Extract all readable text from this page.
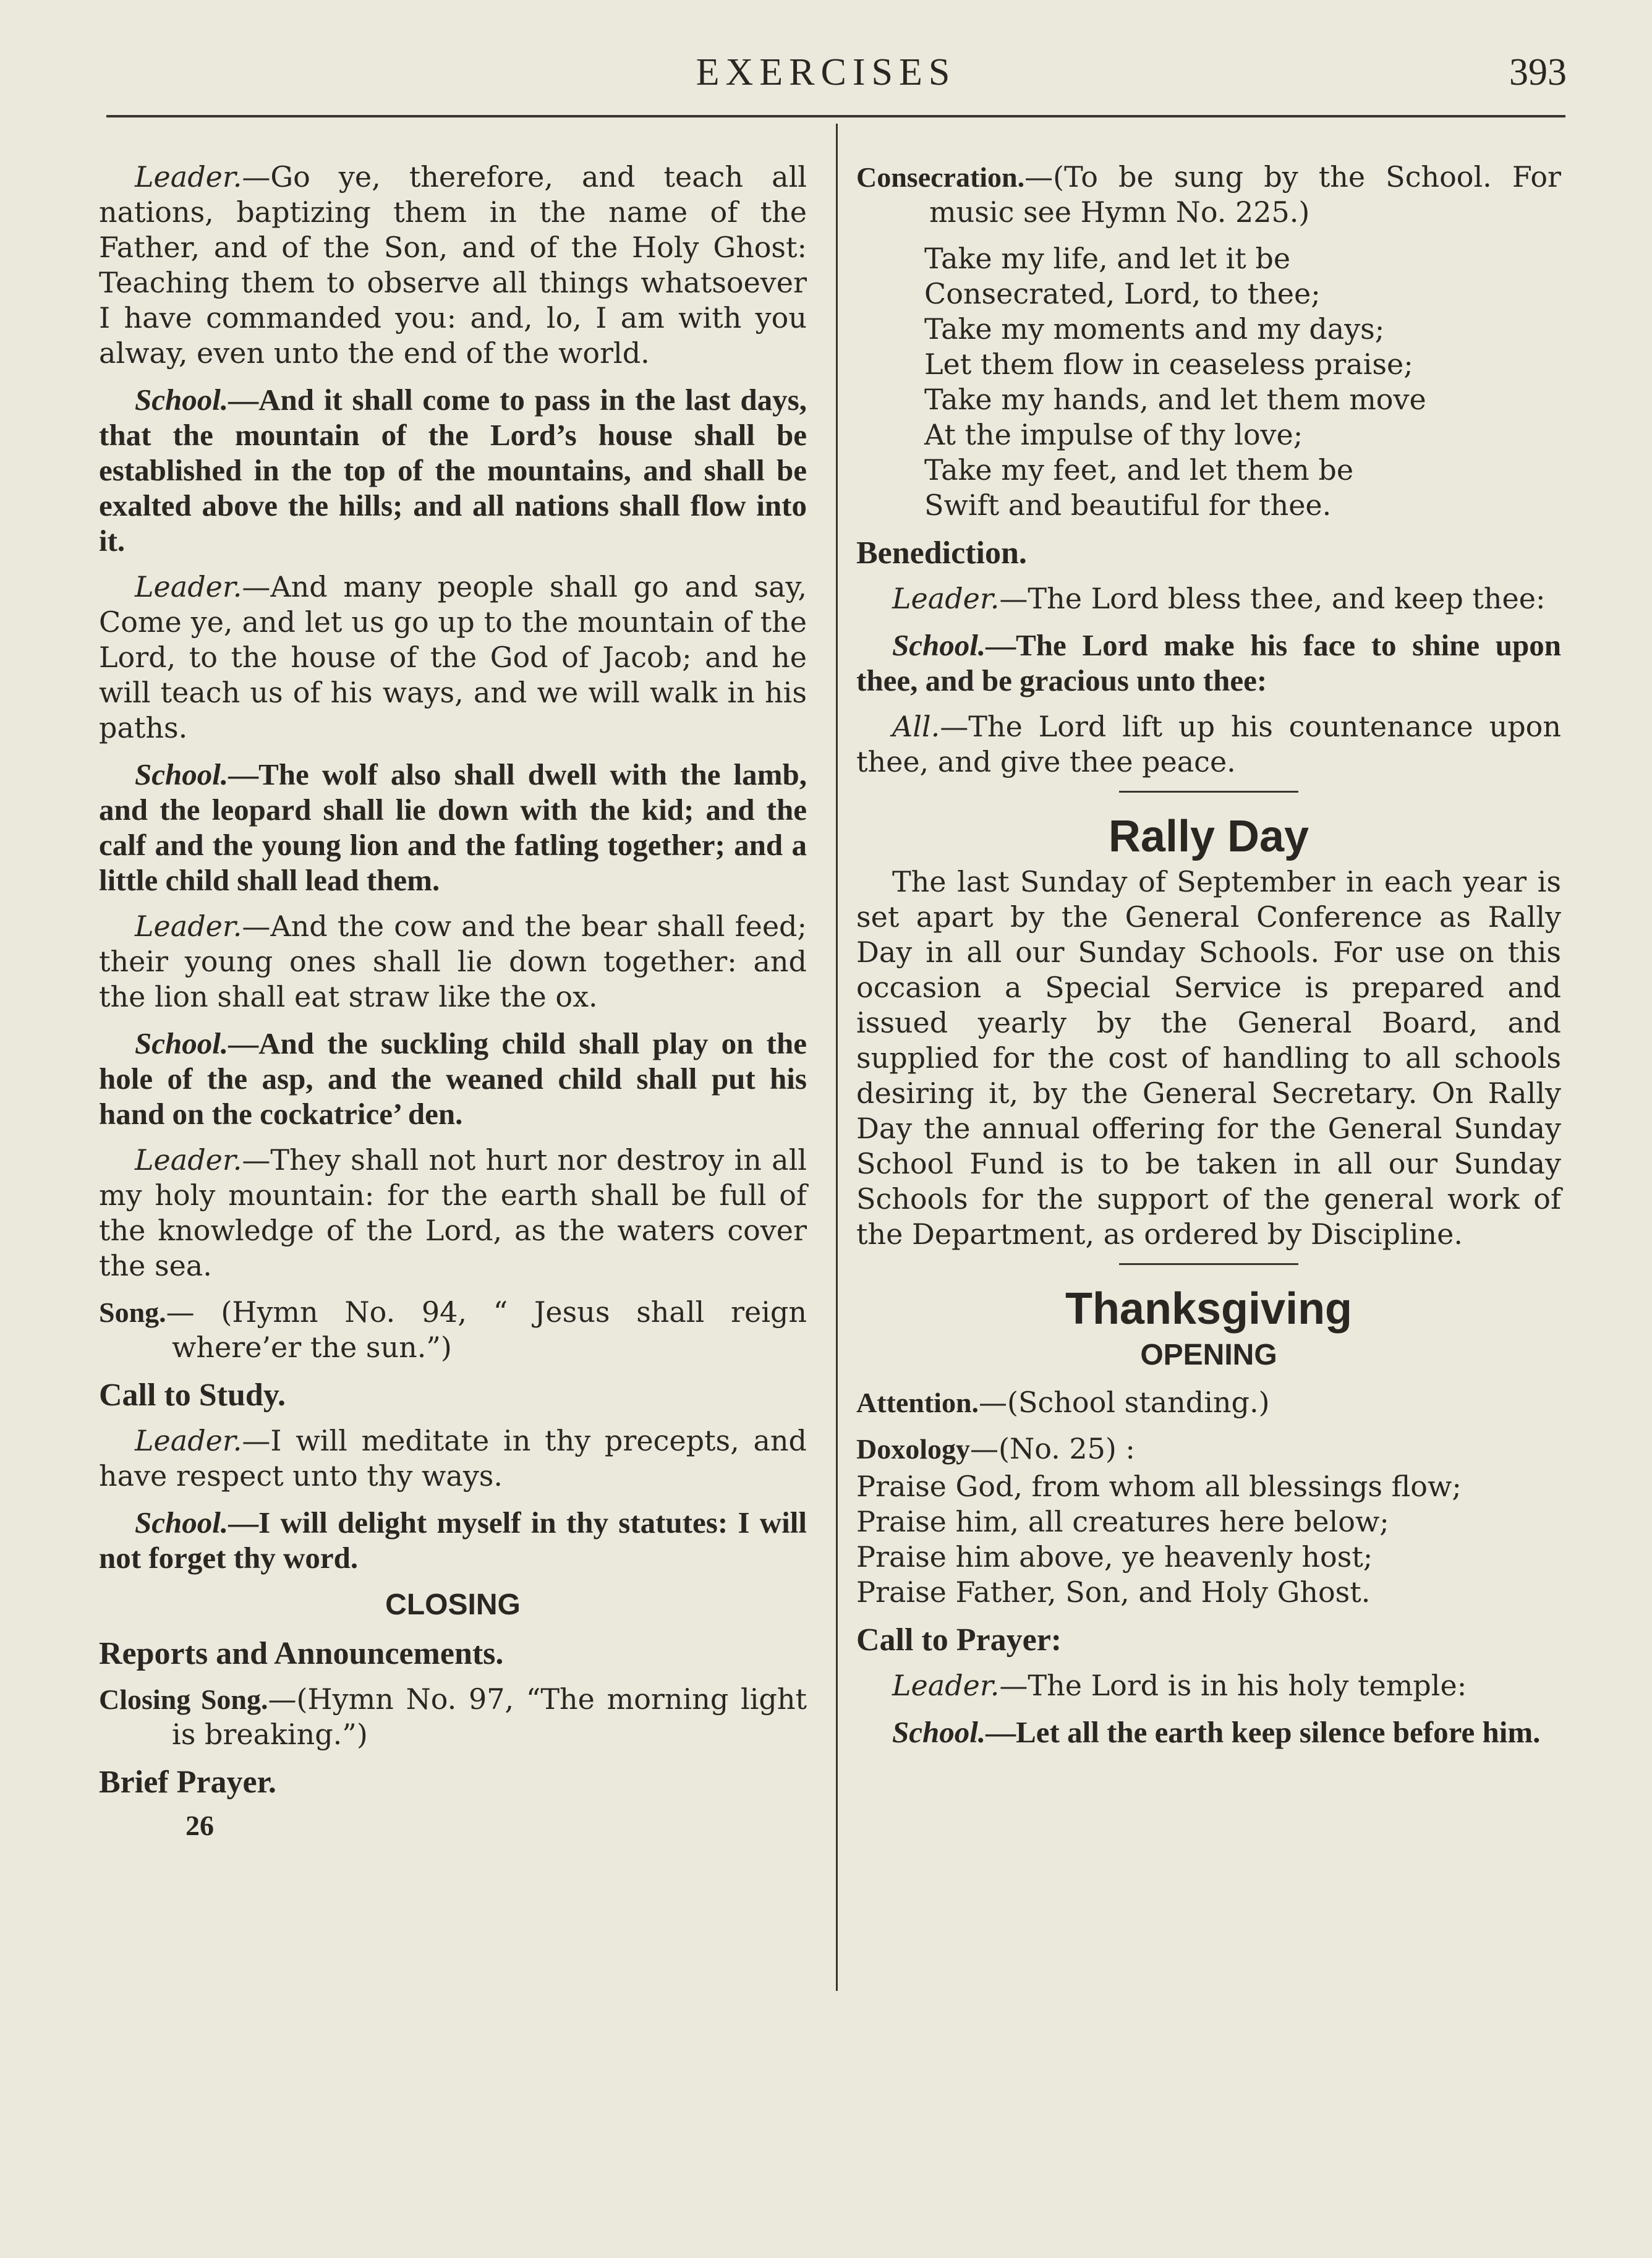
EXERCISES	393

Leader.—Go ye, therefore, and teach all nations, baptizing them in the name of the Father, and of the Son, and of the Holy Ghost: Teaching them to observe all things whatsoever I have commanded you: and, lo, I am with you alway, even unto the end of the world.

School.—And it shall come to pass in the last days, that the mountain of the Lord’s house shall be established in the top of the mountains, and shall be exalted above the hills; and all nations shall flow into it.

Leader.—And many people shall go and say, Come ye, and let us go up to the mountain of the Lord, to the house of the God of Jacob; and he will teach us of his ways, and we will walk in his paths.

School.—The wolf also shall dwell with the lamb, and the leopard shall lie down with the kid; and the calf and the young lion and the fatling together; and a little child shall lead them.

Leader.—And the cow and the bear shall feed; their young ones shall lie down together: and the lion shall eat straw like the ox.

School.—And the suckling child shall play on the hole of the asp, and the weaned child shall put his hand on the cockatrice’ den.

Leader.—They shall not hurt nor destroy in all my holy mountain: for the earth shall be full of the knowledge of the Lord, as the waters cover the sea.

Song.— (Hymn No. 94, “ Jesus shall reign where’er the sun.”)

Call to Study.

Leader.—I will meditate in thy precepts, and have respect unto thy ways.

School.—I will delight myself in thy statutes: I will not forget thy word.

CLOSING
Reports and Announcements.

Closing Song.—(Hymn No. 97, “The morning light is breaking.”)

Brief Prayer.
26

Consecration.—(To be sung by the School. For music see Hymn No. 225.)

Take my life, and let it be
Consecrated, Lord, to thee;
Take my moments and my days;
Let them flow in ceaseless praise;
Take my hands, and let them move
At the impulse of thy love;
Take my feet, and let them be
Swift and beautiful for thee.
Benediction.

Leader.—The Lord bless thee, and keep thee:

School.—The Lord make his face to shine upon thee, and be gracious unto thee:

All.—The Lord lift up his countenance upon thee, and give thee peace.

Rally Day

The last Sunday of September in each year is set apart by the General Conference as Rally Day in all our Sunday Schools. For use on this occasion a Special Service is prepared and issued yearly by the General Board, and supplied for the cost of handling to all schools desiring it, by the General Secretary. On Rally Day the annual offering for the General Sunday School Fund is to be taken in all our Sunday Schools for the support of the general work of the Department, as ordered by Discipline.

Thanksgiving
OPENING

Attention.—(School standing.)

Doxology—(No. 25) :

Praise God, from whom all blessings flow;
Praise him, all creatures here below;
Praise him above, ye heavenly host;
Praise Father, Son, and Holy Ghost.
Call to Prayer:

Leader.—The Lord is in his holy temple:

School.—Let all the earth keep silence before him.
